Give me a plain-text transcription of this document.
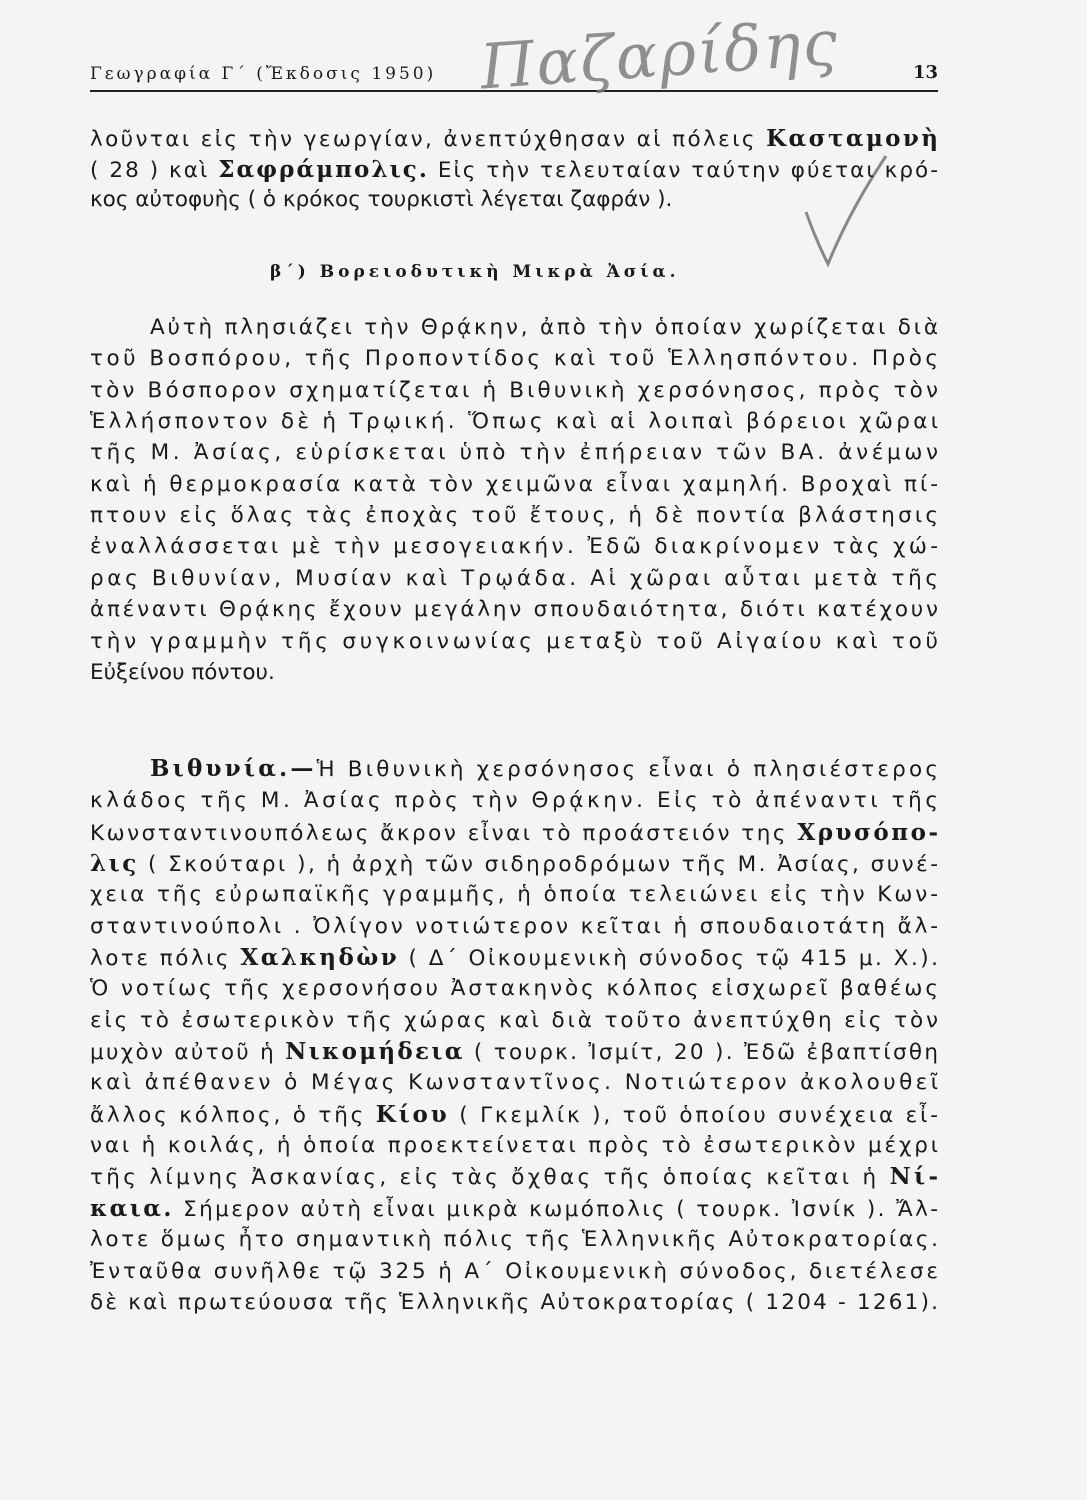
Γεωγραφία Γ΄ (Ἔκδοσις 1950)	13
Παζαρίδης
β΄) Βορειοδυτικὴ Μικρὰ Ἀσία.

λοῦνται εἰς τὴν γεωργίαν, ἀνεπτύχθησαν αἱ πόλεις Κασταμονὴ

( 28 ) καὶ Σαφράμπολις. Εἰς τὴν τελευταίαν ταύτην φύεται κρό-

κος αὐτοφυὴς ( ὁ κρόκος τουρκιστὶ λέγεται ζαφράν ).

Αὐτὴ πλησιάζει τὴν Θρᾴκην, ἀπὸ τὴν ὁποίαν χωρίζεται διὰ

τοῦ Βοσπόρου, τῆς Προποντίδος καὶ τοῦ Ἑλλησπόντου. Πρὸς

τὸν Βόσπορον σχηματίζεται ἡ Βιθυνικὴ χερσόνησος, πρὸς τὸν

Ἑλλήσποντον δὲ ἡ Τρῳική. Ὅπως καὶ αἱ λοιπαὶ βόρειοι χῶραι

τῆς Μ. Ἀσίας, εὑρίσκεται ὑπὸ τὴν ἐπήρειαν τῶν ΒΑ. ἀνέμων

καὶ ἡ θερμοκρασία κατὰ τὸν χειμῶνα εἶναι χαμηλή. Βροχαὶ πί-

πτουν εἰς ὅλας τὰς ἐποχὰς τοῦ ἔτους, ἡ δὲ ποντία βλάστησις

ἐναλλάσσεται μὲ τὴν μεσογειακήν. Ἐδῶ διακρίνομεν τὰς χώ-

ρας Βιθυνίαν, Μυσίαν καὶ Τρῳάδα. Αἱ χῶραι αὗται μετὰ τῆς

ἀπέναντι Θρᾴκης ἔχουν μεγάλην σπουδαιότητα, διότι κατέχουν

τὴν γραμμὴν τῆς συγκοινωνίας μεταξὺ τοῦ Αἰγαίου καὶ τοῦ

Εὐξείνου πόντου.

Βιθυνία.—Ἡ Βιθυνικὴ χερσόνησος εἶναι ὁ πλησιέστερος

κλάδος τῆς Μ. Ἀσίας πρὸς τὴν Θρᾴκην. Εἰς τὸ ἀπέναντι τῆς

Κωνσταντινουπόλεως ἄκρον εἶναι τὸ προάστειόν της Χρυσόπο-

λις ( Σκούταρι ), ἡ ἀρχὴ τῶν σιδηροδρόμων τῆς Μ. Ἀσίας, συνέ-

χεια τῆς εὐρωπαϊκῆς γραμμῆς, ἡ ὁποία τελειώνει εἰς τὴν Κων-

σταντινούπολι . Ὀλίγον νοτιώτερον κεῖται ἡ σπουδαιοτάτη ἄλ-

λοτε πόλις Χαλκηδὼν ( Δ΄ Οἰκουμενικὴ σύνοδος τῷ 415 μ. Χ.).

Ὁ νοτίως τῆς χερσονήσου Ἀστακηνὸς κόλπος εἰσχωρεῖ βαθέως

εἰς τὸ ἐσωτερικὸν τῆς χώρας καὶ διὰ τοῦτο ἀνεπτύχθη εἰς τὸν

μυχὸν αὐτοῦ ἡ Νικομήδεια ( τουρκ. Ἰσμίτ, 20 ). Ἐδῶ ἐβαπτίσθη

καὶ ἀπέθανεν ὁ Μέγας Κωνσταντῖνος. Νοτιώτερον ἀκολουθεῖ

ἄλλος κόλπος, ὁ τῆς Κίου ( Γκεμλίκ ), τοῦ ὁποίου συνέχεια εἶ-

ναι ἡ κοιλάς, ἡ ὁποία προεκτείνεται πρὸς τὸ ἐσωτερικὸν μέχρι

τῆς λίμνης Ἀσκανίας, εἰς τὰς ὄχθας τῆς ὁποίας κεῖται ἡ Νί-

καια. Σήμερον αὐτὴ εἶναι μικρὰ κωμόπολις ( τουρκ. Ἰσνίκ ). Ἄλ-

λοτε ὅμως ἦτο σημαντικὴ πόλις τῆς Ἑλληνικῆς Αὐτοκρατορίας.

Ἐνταῦθα συνῆλθε τῷ 325 ἡ Α΄ Οἰκουμενικὴ σύνοδος, διετέλεσε

δὲ καὶ πρωτεύουσα τῆς Ἑλληνικῆς Αὐτοκρατορίας ( 1204 - 1261).
